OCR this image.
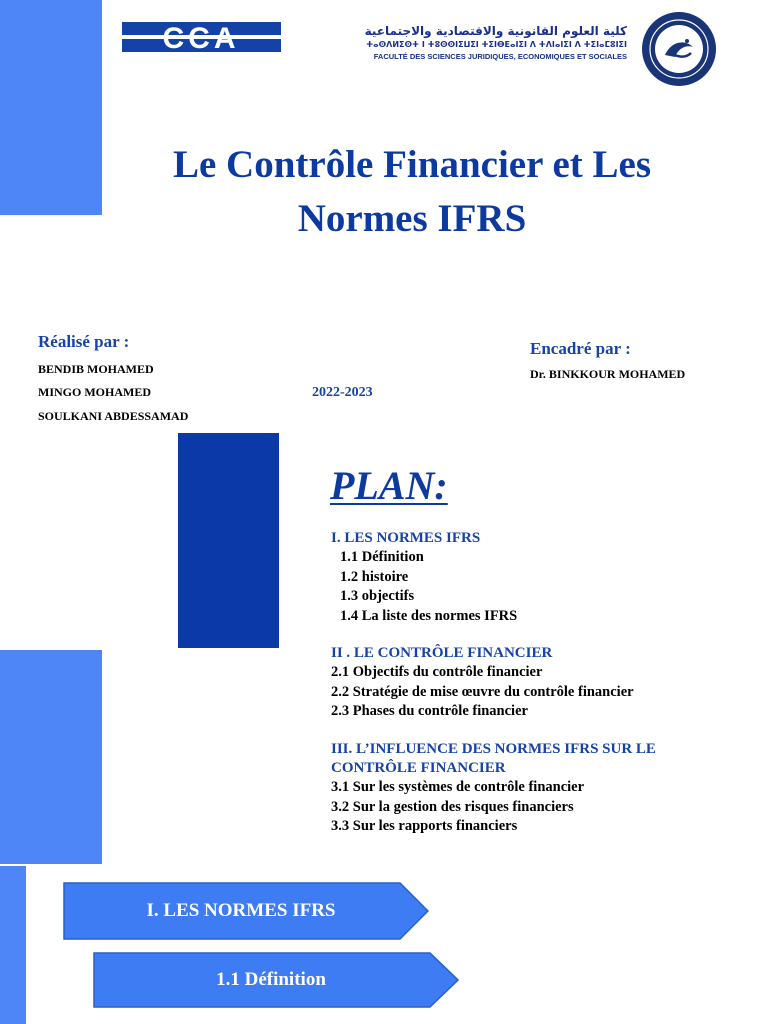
CCA	كلية العلوم القانونية والاقتصادية والاجتماعية
ⵜⴰⵙⴷⵍⵉⵙⵜ ⵏ ⵜⵓⵙⵙⵏⵉⵡⵉⵏ ⵜⵉⵏⴱⴹⴰⵏⵉⵏ ⴷ ⵜⴷⵏⴰⵏⵉⵏ ⴷ ⵜⵉⵏⴰⵎⵓⵏⵉⵏ
FACULTÉ DES SCIENCES JURIDIQUES, ECONOMIQUES ET SOCIALES
Le Contrôle Financier et Les
Normes IFRS
Réalisé par :
BENDIB MOHAMED
MINGO MOHAMED
SOULKANI ABDESSAMAD
2022-2023
Encadré par :
Dr. BINKKOUR MOHAMED
PLAN:
I. LES NORMES IFRS
1.1 Définition
1.2 histoire
1.3 objectifs
1.4 La liste des normes IFRS
II . LE CONTRÔLE FINANCIER
2.1 Objectifs du contrôle financier
2.2 Stratégie de mise œuvre du contrôle financier
2.3 Phases du contrôle financier
III. L’INFLUENCE DES NORMES IFRS SUR LE
CONTRÔLE FINANCIER
3.1 Sur les systèmes de contrôle financier
3.2 Sur la gestion des risques financiers
3.3 Sur les rapports financiers
I. LES NORMES IFRS
1.1 Définition
